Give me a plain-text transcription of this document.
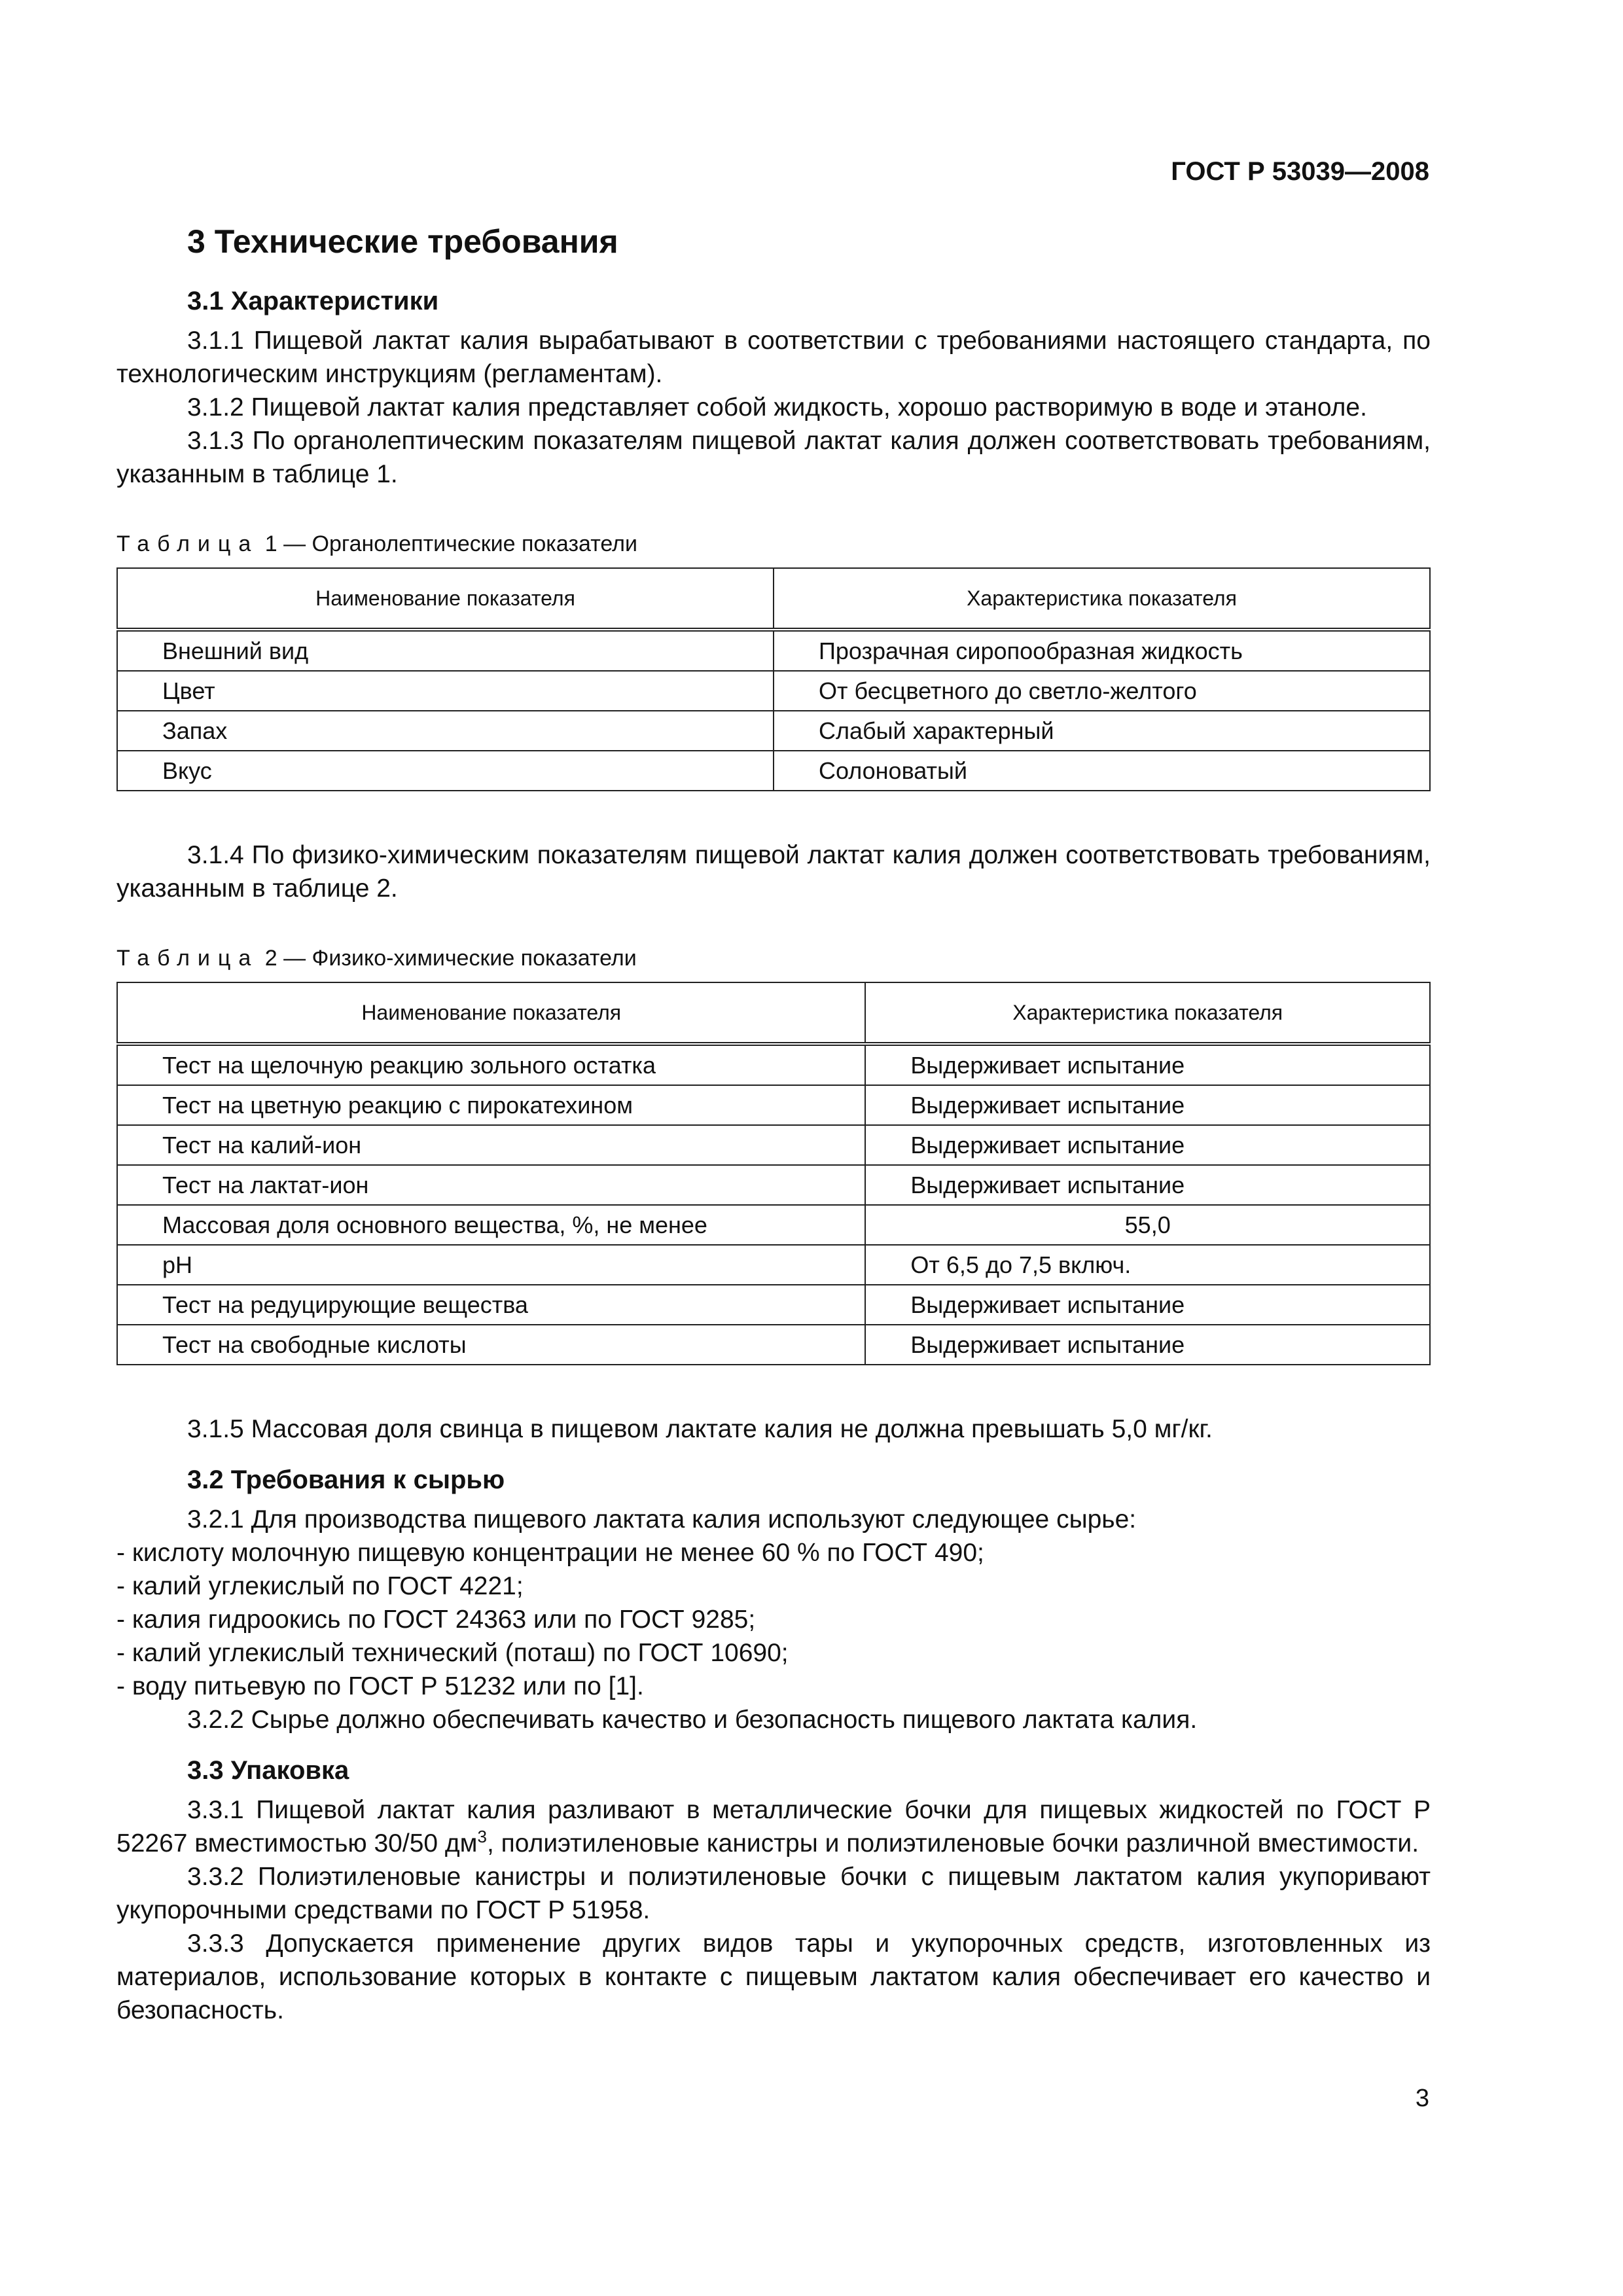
ГОСТ Р 53039—2008
3 Технические требования
3.1 Характеристики

3.1.1 Пищевой лактат калия вырабатывают в соответствии с требованиями настоящего стандарта, по технологическим инструкциям (регламентам).

3.1.2 Пищевой лактат калия представляет собой жидкость, хорошо растворимую в воде и этаноле.

3.1.3 По органолептическим показателям пищевой лактат калия должен соответствовать требованиям, указанным в таблице 1.

Таблица 1 — Органолептические показатели
Наименование показателя	Характеристика показателя
Внешний вид	Прозрачная сиропообразная жидкость
Цвет	От бесцветного до светло-желтого
Запах	Слабый характерный
Вкус	Солоноватый

3.1.4 По физико-химическим показателям пищевой лактат калия должен соответствовать требованиям, указанным в таблице 2.

Таблица 2 — Физико-химические показатели
Наименование показателя	Характеристика показателя
Тест на щелочную реакцию зольного остатка	Выдерживает испытание
Тест на цветную реакцию с пирокатехином	Выдерживает испытание
Тест на калий-ион	Выдерживает испытание
Тест на лактат-ион	Выдерживает испытание
Массовая доля основного вещества, %, не менее	55,0
pH	От 6,5 до 7,5 включ.
Тест на редуцирующие вещества	Выдерживает испытание
Тест на свободные кислоты	Выдерживает испытание

3.1.5 Массовая доля свинца в пищевом лактате калия не должна превышать 5,0 мг/кг.

3.2 Требования к сырью

3.2.1 Для производства пищевого лактата калия используют следующее сырье:

- кислоту молочную пищевую концентрации не менее 60 % по ГОСТ 490;
- калий углекислый по ГОСТ 4221;
- калия гидроокись по ГОСТ 24363 или по ГОСТ 9285;
- калий углекислый технический (поташ) по ГОСТ 10690;
- воду питьевую по ГОСТ Р 51232 или по [1].

3.2.2 Сырье должно обеспечивать качество и безопасность пищевого лактата калия.

3.3 Упаковка

3.3.1 Пищевой лактат калия разливают в металлические бочки для пищевых жидкостей по ГОСТ Р 52267 вместимостью 30/50 $дм^3$, полиэтиленовые канистры и полиэтиленовые бочки различной вместимости.

3.3.2 Полиэтиленовые канистры и полиэтиленовые бочки с пищевым лактатом калия укупоривают укупорочными средствами по ГОСТ Р 51958.

3.3.3 Допускается применение других видов тары и укупорочных средств, изготовленных из материалов, использование которых в контакте с пищевым лактатом калия обеспечивает его качество и безопасность.

3
